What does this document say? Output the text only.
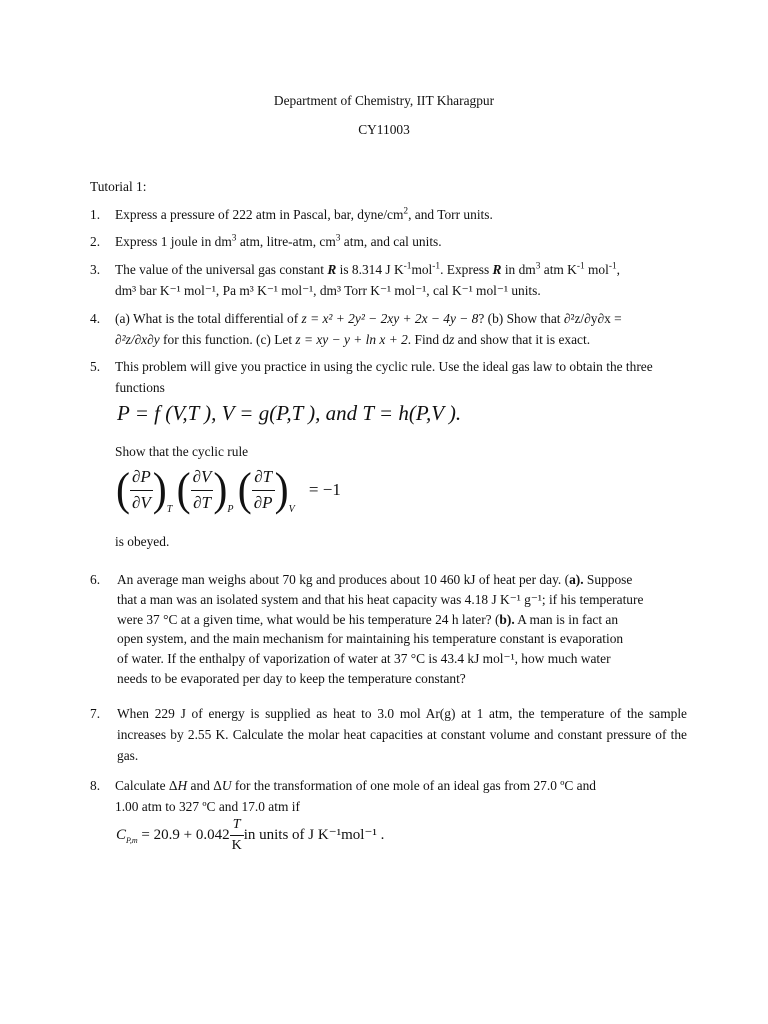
Department of Chemistry, IIT Kharagpur
CY11003
Tutorial 1:
1.	Express a pressure of 222 atm in Pascal, bar, dyne/$cm^2$, and Torr units.
2.	Express 1 joule in $dm^3$ atm, litre-atm, $cm^3$ atm, and cal units.
3.	The value of the universal gas constant R is 8.314 J $K^{-1}mol^{-1}$. Express R in $dm^3$ atm $K^{-1}$ mol$^{-1}$,
dm³ bar K⁻¹ mol⁻¹, Pa m³ K⁻¹ mol⁻¹, dm³ Torr K⁻¹ mol⁻¹, cal K⁻¹ mol⁻¹ units.
4.	(a) What is the total differential of z = x² + 2y² − 2xy + 2x − 4y − 8? (b) Show that ∂²z/∂y∂x =
∂²z/∂x∂y for this function. (c) Let z = xy − y + ln x + 2. Find dz and show that it is exact.
5.	This problem will give you practice in using the cyclic rule. Use the ideal gas law to obtain the three functions
P = f (V,T ), V = g(P,T ), and T = h(P,V ).
Show that the cyclic rule
( $\frac{\partial P}{\partial V} )_T$ ( $\frac{\partial V}{\partial T} )_P$ ( $\frac{\partial T}{\partial P} )_V = -1$
is obeyed.
6.	An average man weighs about 70 kg and produces about 10 460 kJ of heat per day. (a). Suppose
that a man was an isolated system and that his heat capacity was 4.18 J K⁻¹ g⁻¹; if his temperature
were 37 °C at a given time, what would be his temperature 24 h later? (b). A man is in fact an
open system, and the main mechanism for maintaining his temperature constant is evaporation
of water. If the enthalpy of vaporization of water at 37 °C is 43.4 kJ mol⁻¹, how much water
needs to be evaporated per day to keep the temperature constant?
7.	When 229 J of energy is supplied as heat to 3.0 mol Ar(g) at 1 atm, the temperature of the sample increases by 2.55 K. Calculate the molar heat capacities at constant volume and constant pressure of the gas.
8.	Calculate ΔH and ΔU for the transformation of one mole of an ideal gas from 27.0 ºC and
1.00 atm to 327 ºC and 17.0 atm if
$C_{P,m} = 20.9 + 0.042 \frac{T}{K}$ in units of J K⁻¹mol⁻¹ .
